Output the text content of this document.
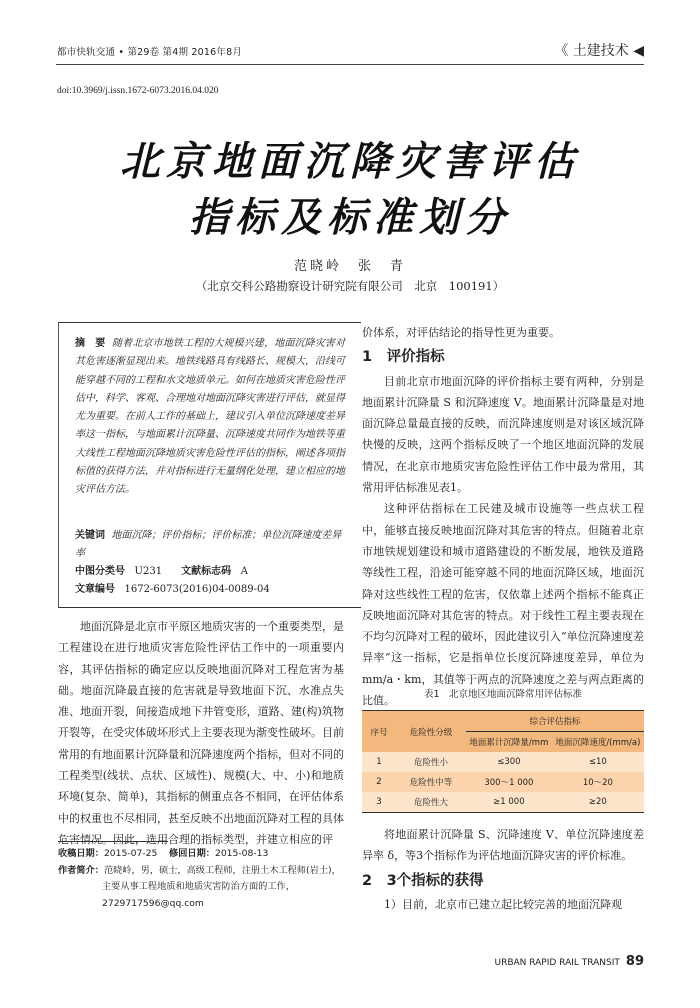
都市快轨交通 • 第29卷 第4期 2016年8月	《 土建技术 ◀
doi:10.3969/j.issn.1672-6073.2016.04.020
北京地面沉降灾害评估
指标及标准划分
范晓岭　张　青
（北京交科公路勘察设计研究院有限公司　北京　100191）
摘　要 随着北京市地铁工程的大规模兴建，地面沉降灾害对其危害逐渐显现出来。地铁线路具有线路长、规模大，沿线可能穿越不同的工程和水文地质单元。如何在地质灾害危险性评估中，科学、客观、合理地对地面沉降灾害进行评估，就显得尤为重要。在前人工作的基础上，建议引入单位沉降速度差异率这一指标，与地面累计沉降量、沉降速度共同作为地铁等重大线性工程地面沉降地质灾害危险性评估的指标，阐述各项指标值的获得方法，并对指标进行无量纲化处理，建立相应的地灾评估方法。
关键词 地面沉降；评价指标；评价标准；单位沉降速度差异率
中图分类号 U231 文献标志码 A
文章编号 1672-6073(2016)04-0089-04

地面沉降是北京市平原区地质灾害的一个重要类型，是工程建设在进行地质灾害危险性评估工作中的一项重要内容，其评估指标的确定应以反映地面沉降对工程危害为基础。地面沉降最直接的危害就是导致地面下沉、水准点失准、地面开裂，间接造成地下井管变形，道路、建(构)筑物开裂等，在受灾体破坏形式上主要表现为渐变性破坏。目前常用的有地面累计沉降量和沉降速度两个指标，但对不同的工程类型(线状、点状、区域性)、规模(大、中、小)和地质环境(复杂、简单)，其指标的侧重点各不相同，在评估体系中的权重也不尽相同，甚至反映不出地面沉降对工程的具体危害情况。因此，选用合理的指标类型，并建立相应的评

收稿日期：2015-07-25 修回日期：2015-08-13
作者简介：范晓岭，男，硕士，高级工程师，注册土木工程师(岩土)，
主要从事工程地质和地质灾害防治方面的工作，
2729717596@qq.com

价体系，对评估结论的指导性更为重要。

1　评价指标

目前北京市地面沉降的评价指标主要有两种，分别是地面累计沉降量 S 和沉降速度 V。地面累计沉降量是对地面沉降总量最直接的反映，而沉降速度则是对该区域沉降快慢的反映，这两个指标反映了一个地区地面沉降的发展情况，在北京市地质灾害危险性评估工作中最为常用，其常用评估标准见表1。

这种评估指标在工民建及城市设施等一些点状工程中，能够直接反映地面沉降对其危害的特点。但随着北京市地铁规划建设和城市道路建设的不断发展，地铁及道路等线性工程，沿途可能穿越不同的地面沉降区域，地面沉降对这些线性工程的危害，仅依靠上述两个指标不能真正反映地面沉降对其危害的特点。对于线性工程主要表现在不均匀沉降对工程的破坏，因此建议引入“单位沉降速度差异率”这一指标，它是指单位长度沉降速度差异，单位为 mm/a・km，其值等于两点的沉降速度之差与两点距离的比值。	表1　北京地区地面沉降常用评估标准
序号	危险性分级	综合评估指标	
		地面累计沉降量/mm	地面沉降速度/(mm/a)
1	危险性小	≤300	≤10
2	危险性中等	300～1 000	10～20
3	危险性大	≥1 000	≥20

将地面累计沉降量 S、沉降速度 V、单位沉降速度差异率 δ，等3个指标作为评估地面沉降灾害的评价标准。

2　3个指标的获得

1）目前，北京市已建立起比较完善的地面沉降观

URBAN RAPID RAIL TRANSIT 89
